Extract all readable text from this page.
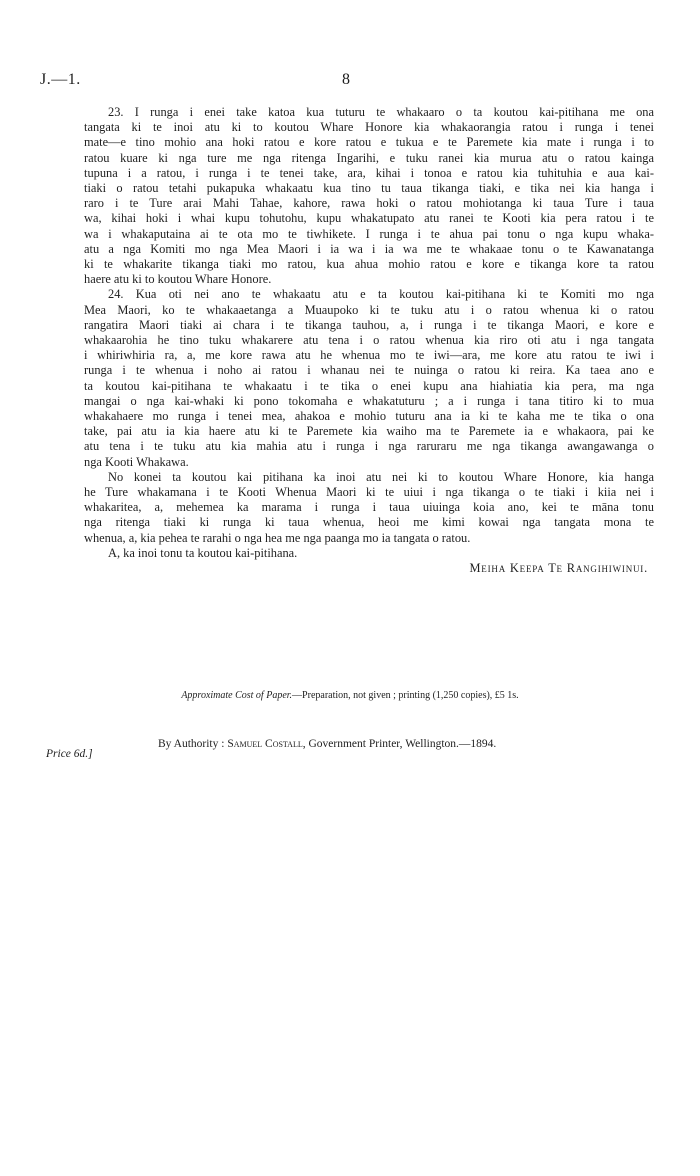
J.—1.	8
23. I runga i enei take katoa kua tuturu te whakaaro o ta koutou kai-pitihana me ona
tangata ki te inoi atu ki to koutou Whare Honore kia whakaorangia ratou i runga i tenei
mate—e tino mohio ana hoki ratou e kore ratou e tukua e te Paremete kia mate i runga i to
ratou kuare ki nga ture me nga ritenga Ingarihi, e tuku ranei kia murua atu o ratou kainga
tupuna i a ratou, i runga i te tenei take, ara, kihai i tonoa e ratou kia tuhituhia e aua kai-
tiaki o ratou tetahi pukapuka whakaatu kua tino tu taua tikanga tiaki, e tika nei kia hanga i
raro i te Ture arai Mahi Tahae, kahore, rawa hoki o ratou mohiotanga ki taua Ture i taua
wa, kihai hoki i whai kupu tohutohu, kupu whakatupato atu ranei te Kooti kia pera ratou i te
wa i whakaputaina ai te ota mo te tiwhikete. I runga i te ahua pai tonu o nga kupu whaka-
atu a nga Komiti mo nga Mea Maori i ia wa i ia wa me te whakaae tonu o te Kawanatanga
ki te whakarite tikanga tiaki mo ratou, kua ahua mohio ratou e kore e tikanga kore ta ratou
haere atu ki to koutou Whare Honore.
24. Kua oti nei ano te whakaatu atu e ta koutou kai-pitihana ki te Komiti mo nga
Mea Maori, ko te whakaaetanga a Muaupoko ki te tuku atu i o ratou whenua ki o ratou
rangatira Maori tiaki ai chara i te tikanga tauhou, a, i runga i te tikanga Maori, e kore e
whakaarohia he tino tuku whakarere atu tena i o ratou whenua kia riro oti atu i nga tangata
i whiriwhiria ra, a, me kore rawa atu he whenua mo te iwi—ara, me kore atu ratou te iwi i
runga i te whenua i noho ai ratou i whanau nei te nuinga o ratou ki reira. Ka taea ano e
ta koutou kai-pitihana te whakaatu i te tika o enei kupu ana hiahiatia kia pera, ma nga
mangai o nga kai-whaki ki pono tokomaha e whakatuturu ; a i runga i tana titiro ki to mua
whakahaere mo runga i tenei mea, ahakoa e mohio tuturu ana ia ki te kaha me te tika o ona
take, pai atu ia kia haere atu ki te Paremete kia waiho ma te Paremete ia e whakaora, pai ke
atu tena i te tuku atu kia mahia atu i runga i nga raruraru me nga tikanga awangawanga o
nga Kooti Whakawa.
No konei ta koutou kai pitihana ka inoi atu nei ki to koutou Whare Honore, kia hanga
he Ture whakamana i te Kooti Whenua Maori ki te uiui i nga tikanga o te tiaki i kiia nei i
whakaritea, a, mehemea ka marama i runga i taua uiuinga koia ano, kei te māna tonu
nga ritenga tiaki ki runga ki taua whenua, heoi me kimi kowai nga tangata mona te
whenua, a, kia pehea te rarahi o nga hea me nga paanga mo ia tangata o ratou.
A, ka inoi tonu ta koutou kai-pitihana.
Meiha Keepa Te Rangihiwinui.
Approximate Cost of Paper.—Preparation, not given ; printing (1,250 copies), £5 1s.
By Authority : Samuel Costall, Government Printer, Wellington.—1894.
Price 6d.]
